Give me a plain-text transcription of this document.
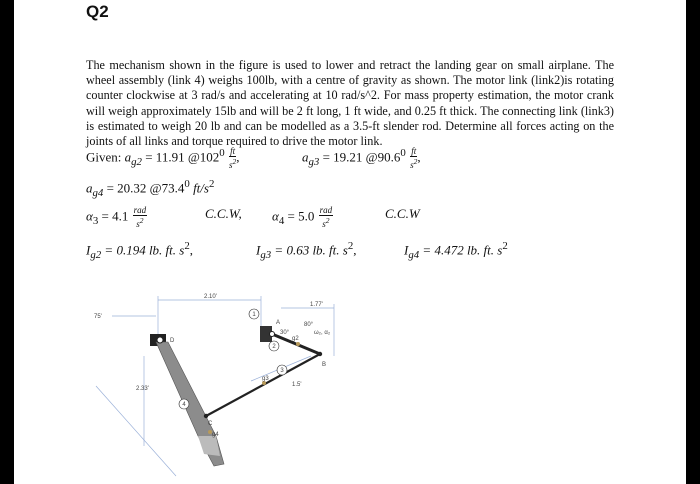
Q2
The mechanism shown in the figure is used to lower and retract the landing gear on small airplane. The wheel assembly (link 4) weighs 100lb, with a centre of gravity as shown. The motor link (link2)is rotating counter clockwise at 3 rad/s and accelerating at 10 rad/s^2. For mass property estimation, the motor crank will weigh approximately 15lb and will be 2 ft long, 1 ft wide, and 0.25 ft thick. The connecting link (link3) is estimated to weigh 20 lb and can be modelled as a 3.5-ft slender rod. Determine all forces acting on the joints of all links and torque required to drive the motor link.
Given: $a_{g2} = 11.91$ $@102^0 \frac{ft}{s^2}$ ,	$a_{g3} = 19.21$ @90.6$^0$ $\frac{ft}{s^2}$ ,
$a_{g4} = 20.32$ @73.4$^0$ $ft/s^2$
$\alpha_3 = 4.1 \frac{\text{rad}}{s^2}$	C.C.W, $\alpha_4 = 5.0 \frac{\text{rad}}{s^2}$	C.C.W
$I_{g2} = 0.194$ lb. ft. $s^2$,	$I_{g3} = 0.63$ lb. ft. $s^2$,	$I_{g4} = 4.472$ lb. ft. $s^2$
1
2
3
4
2.10'
1.77'
75'
2.33'
80°
30°
1.5'
A
B
C
D
ω₂, α₂
g2
g3
g4
